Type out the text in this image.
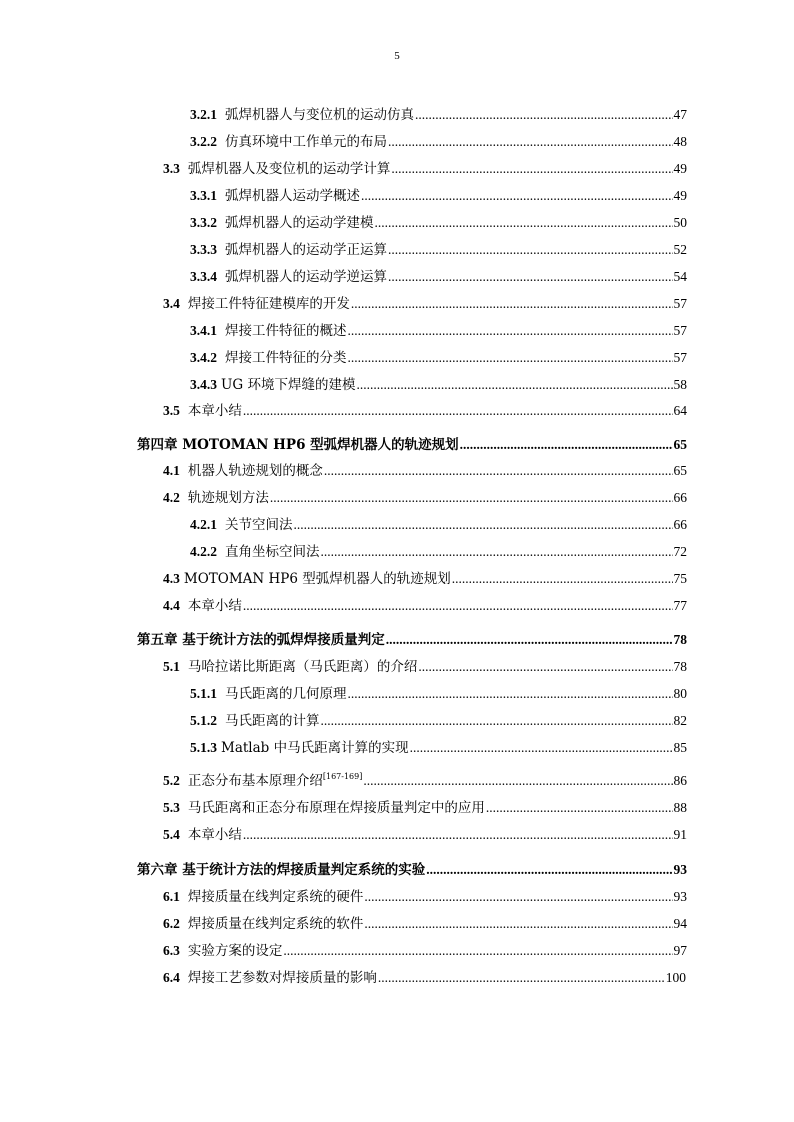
5
3.2.1 弧焊机器人与变位机的运动仿真 .....	47
3.2.2 仿真环境中工作单元的布局 .....	48
3.3 弧焊机器人及变位机的运动学计算 .....	49
3.3.1 弧焊机器人运动学概述 .....	49
3.3.2 弧焊机器人的运动学建模 .....	50
3.3.3 弧焊机器人的运动学正运算 .....	52
3.3.4 弧焊机器人的运动学逆运算 .....	54
3.4 焊接工件特征建模库的开发 .....	57
3.4.1 焊接工件特征的概述 .....	57
3.4.2 焊接工件特征的分类 .....	57
3.4.3 UG 环境下焊缝的建模 .....	58
3.5 本章小结 .....	64
第四章 MOTOMAN HP6 型弧焊机器人的轨迹规划 .....	65
4.1 机器人轨迹规划的概念 .....	65
4.2 轨迹规划方法 .....	66
4.2.1 关节空间法 .....	66
4.2.2 直角坐标空间法 .....	72
4.3 MOTOMAN HP6 型弧焊机器人的轨迹规划 .....	75
4.4 本章小结 .....	77
第五章 基于统计方法的弧焊焊接质量判定 .....	78
5.1 马哈拉诺比斯距离（马氏距离）的介绍 .....	78
5.1.1 马氏距离的几何原理 .....	80
5.1.2 马氏距离的计算 .....	82
5.1.3 Matlab 中马氏距离计算的实现 .....	85
5.2 正态分布基本原理介绍[167-169] .....	86
5.3 马氏距离和正态分布原理在焊接质量判定中的应用 .....	88
5.4 本章小结 .....	91
第六章 基于统计方法的焊接质量判定系统的实验 .....	93
6.1 焊接质量在线判定系统的硬件 .....	93
6.2 焊接质量在线判定系统的软件 .....	94
6.3 实验方案的设定 .....	97
6.4 焊接工艺参数对焊接质量的影响 .....	100
